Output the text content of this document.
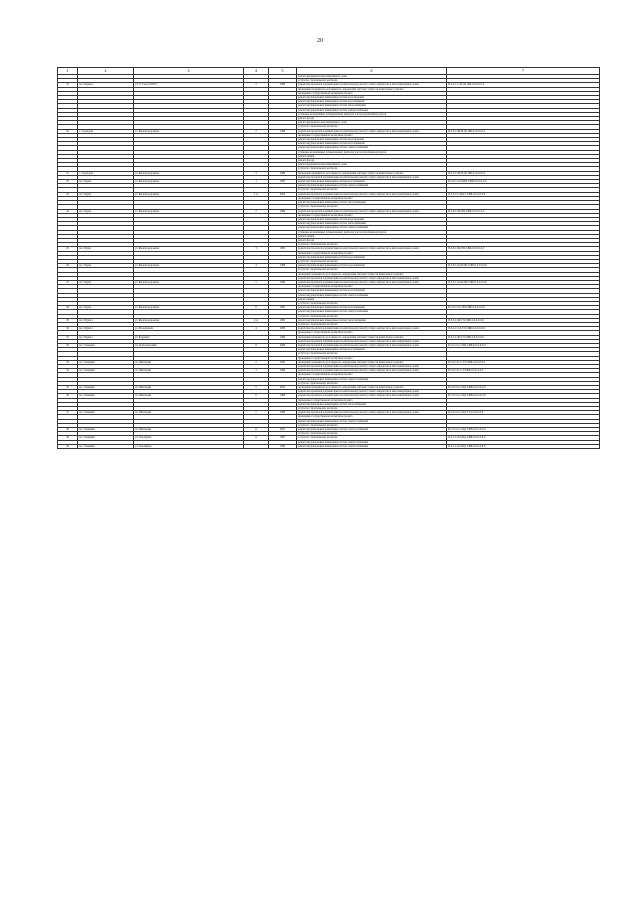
20
1	2	3	4	5	6	7
					ремонт фундамента многоквартирного дома	
					услуги по строительному контролю	
19	пос. Пернаос	ул. 27 Съезда КПСС	2	1986	разработка проектной документации на капитальному ремонту общего имущества в многоквартирных домах	Н-2-2-С-С-Н-ДС-ЖБ-0-0-0-0-0-0
					проведение проверки на достоверность определения сметной стоимости капитального ремонта	
					проведение государственной экспертизы проекта	
					ремонт внутридомовых инженерных систем водоотведения	
					ремонт внутридомовых инженерных систем водоснабжения	
					ремонт внутридомовых инженерных систем теплоснабжения	
					ремонт внутридомовых инженерных систем электроснабжения	
					установка коллективных (общедомовых) приборов учета потребления ресурсов	
					ремонт фасада	
					ремонт фундамента многоквартирного дома	
					услуги по строительному контролю	
20	с. Сарапдуча	ул. Железнодорожная	2	1988	разработка проектной документации на капитальному ремонту общего имущества в многоквартирных домах	П-2-3-С-Ш-Н-ДС-ЖБ-0-0-0-0-0-0
					проведение государственной экспертизы проекта	
					ремонт внутридомовых инженерных систем водоотведения	
					ремонт внутридомовых инженерных систем водоснабжения	
					ремонт внутридомовых инженерных систем электроснабжения	
					установка коллективных (общедомовых) приборов учета потребления ресурсов	
					ремонт крыши	
					ремонт фасада	
					ремонт фундамента многоквартирного дома	
					услуги по строительному контролю	
21	с. Сарапдуча	ул. Железнодорожная	3	1986	проведение проверки на достоверность определения сметной стоимости капитального ремонта	П-2-3-С-Ш-Н-ДС-ЖБ-0-0-0-0-0-0
					разработка проектной документации на капитальному ремонту общего имущества в многоквартирных домах	
22	пос. Пурпе	ул. Железнодорожная	1	1995	ремонт внутридомовых инженерных систем водоснабжения	Б-5-6-Сэ-6-П-ПП-СЖБ-0-0-0-0-0-0
					ремонт внутридомовых инженерных систем электроснабжения	
					услуги по строительному контролю	
23	пос. Пурпе	ул. Железнодорожная	1 А	2004	разработка проектной документации на капитальному ремонту общего имущества в многоквартирных домах	П-5-3-Сгт-Ш-Гз-СЖБ-0-0-0-0-0-0
					проведение государственной экспертизы проекта	
					ремонт внутридомовых инженерных систем теплоснабжения	
					услуги по строительному контролю	
24	пос. Пурпе	ул. Железнодорожная	2	1986	разработка проектной документации на капитальному ремонту общего имущества в многоквартирных домах	П-5-6-С-Ш-ПП-СЖБ-0-0-0-0-0-0
					проведение государственной экспертизы проекта	
					ремонт внутридомовых инженерных систем водоотведения	
					ремонт внутридомовых инженерных систем теплоснабжения	
					ремонт внутридомовых инженерных систем электроснабжения	
					установка коллективных (общедомовых) приборов учета потребления ресурсов	
					ремонт крыши	
					ремонт фасада	
					услуги по строительному контролю	
25	пос. Пурпе	ул. Железнодорожная	3	1995	разработка проектной документации на капитальному ремонту общего имущества в многоквартирных домах	П-5-6-С-Ш-ПП-СЖБ-0-0-0-0-0-0
					проведение государственной экспертизы проекта	
					ремонт внутридомовых инженерных систем водоснабжения	
					услуги по строительному контролю	
26	пос. Пурпе	ул. Железнодорожная	4	1998	ремонт внутридомовых инженерных систем водоснабжения	П-5-6-Сэп-Ш-ПП-СЖБ-0-0-0-0-0-0
					услуги по строительному контролю	
					проведение проверки на достоверность определения сметной стоимости капитального ремонта	
					разработка проектной документации на капитальному ремонту общего имущества в многоквартирных домах	
27	пос. Пурпе	ул. Железнодорожная	5	1999	разработка проектной документации на капитальному ремонту общего имущества в многоквартирных домах	П-5-3-Сэп-Ш-ПП-СЖБ-0-0-0-0-0-0
					проведение государственной экспертизы проекта	
					ремонт внутридомовых инженерных систем водоснабжения	
					ремонт внутридомовых инженерных систем электроснабжения	
					ремонт крыши	
					услуги по строительному контролю	
28	пос. Пурпе	ул. Железнодорожная	6	1995	ремонт внутридомовых инженерных систем водоснабжения	Б-5-3-Сэт-6-ПП-СЖБ-0-0-0-0-0-0
					ремонт внутридомовых инженерных систем электроснабжения	
					услуги по строительному контролю	
29	пос. Пурпе-1	ул. Железнодорожная	2 А	1995	ремонт внутридомовых инженерных систем теплоснабжения	П-3-3-С-Ш-ТЭ-СЖБ-0-0-0-0-0-0
					услуги по строительному контролю	
30	пос. Пурпе-1	ул. Молодёжная	4	2008	разработка проектной документации на капитальному ремонту общего имущества в многоквартирных домах	П-3-2-Сэт-6-ТЭ-СЖБ-0-0-0-0-0-0
					проведение государственной экспертизы проекта	
31	пос. Пурпе-1	ул. Радужная		1999	проведение проверки на достоверность определения сметной стоимости капитального ремонта	П-3-2-С-Ш-ТЭ-СЖБ-0-0-0-0-0-0
					разработка проектной документации на капитальному ремонту общего имущества в многоквартирных домах	
32	пос. Ханымей	пл. Комсомольский	8	2009	разработка проектной документации на капитальному ремонту общего имущества в многоквартирных домах	Б-3-2-Сэп-С-ПП-СЖБ-0-0-0-0-0-0
					ремонт внутридомовых инженерных систем водоснабжения	
					услуги по строительному контролю	
					проведение государственной экспертизы проекта	
33	пос. Ханымей	пл. Школьный	2	1995	проведение проверки на достоверность определения сметной стоимости капитального ремонта	Б-3-4-Сэп-С-ТЭ-СЖБ-0-0-0-0-0-0
					разработка проектной документации на капитальному ремонту общего имущества в многоквартирных домах	
34	пос. Ханымей	пл. Школьный	3	1996	разработка проектной документации на капитальному ремонту общего имущества в многоквартирных домах	Б-3-4-Сэп-С-ТЭ-ЖБ-0-0-0-0-0-0
					проведение государственной экспертизы проекта	
					ремонт внутридомовых инженерных систем электроснабжения	
					услуги по строительному контролю	
35	пос. Ханымей	пл. Школьный	5	2002	проведение проверки на достоверность определения сметной стоимости капитального ремонта	Б-3-4-Сэп-С-ПД-СЖБ-0-0-0-0-0-0
					разработка проектной документации на капитальному ремонту общего имущества в многоквартирных домах	
36	пос. Ханымей	пл. Школьный	6	1998	разработка проектной документации на капитальному ремонту общего имущества в многоквартирных домах	Б-3-3-Сэп-С-ПД-СЖБ-0-0-0-0-0-0
					проведение государственной экспертизы проекта	
					ремонт внутридомовых инженерных систем теплоснабжения	
					услуги по строительному контролю	
37	пос. Ханымей	пл. Школьный	7	1996	разработка проектной документации на капитальному ремонту общего имущества в многоквартирных домах	Б-3-4-Сэп-С-ПД-ТЭ-0-0-0-0-0-0
					проведение государственной экспертизы проекта	
					ремонт внутридомовых инженерных систем электроснабжения	
					услуги по строительному контролю	
38	пос. Ханымей	пл. Школьный	11	2001	ремонт внутридомовых инженерных систем электроснабжения	Б-5-3-Сэп-С-ПД-СЖБ-0-0-0-0-0-0
					услуги по строительному контролю	
39	пос. Ханымей	ул. Заполярная	8	1997	услуги по строительному контролю	П-2-1-Сэп-6-ПД-СЖБ-0-0-0-0-0-0
					ремонт внутридомовых инженерных систем электроснабжения	
40	пос. Ханымей	ул. Заполярная		1994	ремонт внутридомовых инженерных систем электроснабжения	П-2-1-Сэп-6-ПД-СЖБ-0-0-0-0-0-0
